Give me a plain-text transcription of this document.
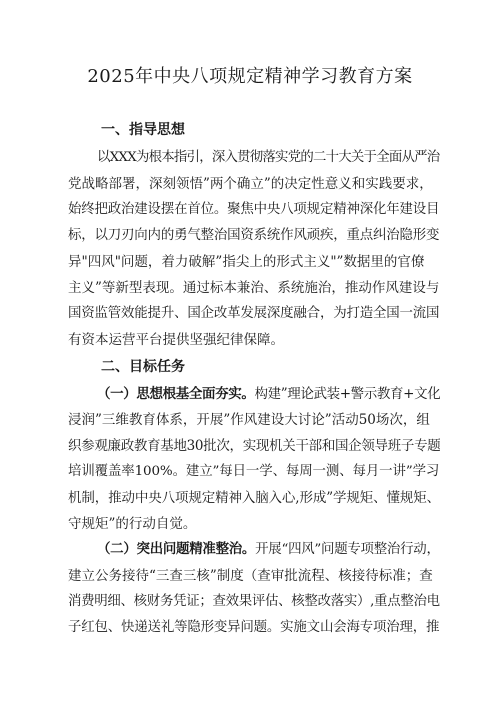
2025年中央八项规定精神学习教育方案
一、指导思想
以XXX为根本指引，深入贯彻落实党的二十大关于全面从严治
党战略部署，深刻领悟”两个确立”的决定性意义和实践要求，
始终把政治建设摆在首位。聚焦中央八项规定精神深化年建设目
标，以刀刃向内的勇气整治国资系统作风顽疾，重点纠治隐形变
异"四风"问题，着力破解”指尖上的形式主义"”数据里的官僚
主义”等新型表现。通过标本兼治、系统施治，推动作风建设与
国资监管效能提升、国企改革发展深度融合，为打造全国一流国
有资本运营平台提供坚强纪律保障。
二、目标任务
（一）思想根基全面夯实。构建”理论武装+警示教育+文化
浸润”三维教育体系，开展”作风建设大讨论”活动50场次，组
织参观廉政教育基地30批次，实现机关干部和国企领导班子专题
培训覆盖率100%。建立”每日一学、每周一测、每月一讲”学习
机制，推动中央八项规定精神入脑入心,形成”学规矩、懂规矩、
守规矩”的行动自觉。
（二）突出问题精准整治。开展“四风”问题专项整治行动，
建立公务接待“三查三核”制度（查审批流程、核接待标准；查
消费明细、核财务凭证；查效果评估、核整改落实）,重点整治电
子红包、快递送礼等隐形变异问题。实施文山会海专项治理，推
